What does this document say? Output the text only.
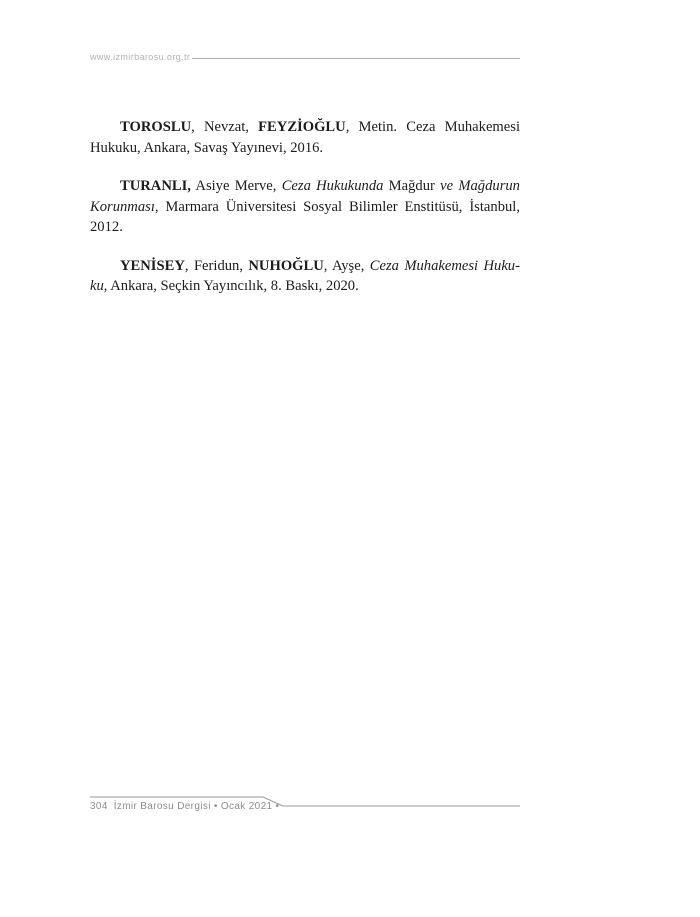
www.izmirbarosu.org.tr

TOROSLU, Nevzat, FEYZİOĞLU, Metin. Ceza Muhakemesi Hukuku, Ankara, Savaş Yayınevi, 2016.

TURANLI, Asiye Merve, Ceza Hukukunda Mağdur ve Mağdurun Korunması, Marmara Üniversitesi Sosyal Bilimler Enstitüsü, İstanbul, 2012.

YENİSEY, Feridun, NUHOĞLU, Ayşe, Ceza Muhakemesi Hukuku, Ankara, Seçkin Yayıncılık, 8. Baskı, 2020.

304 İzmir Barosu Dergisi • Ocak 2021 •
